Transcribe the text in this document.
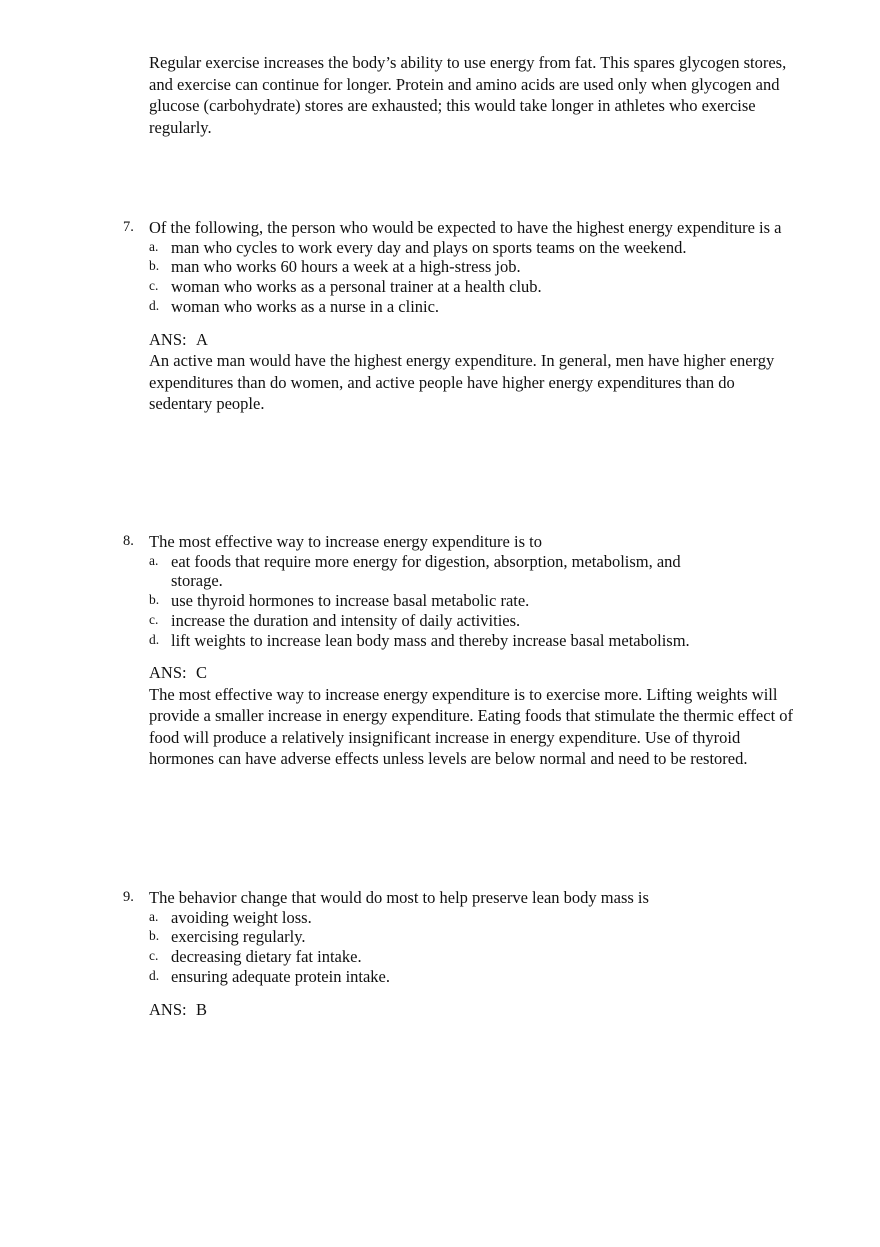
Regular exercise increases the body’s ability to use energy from fat. This spares glycogen stores, and exercise can continue for longer. Protein and amino acids are used only when glycogen and glucose (carbohydrate) stores are exhausted; this would take longer in athletes who exercise regularly.

7. Of the following, the person who would be expected to have the highest energy expenditure is a
a. man who cycles to work every day and plays on sports teams on the weekend.
b. man who works 60 hours a week at a high-stress job.
c. woman who works as a personal trainer at a health club.
d. woman who works as a nurse in a clinic.
ANS: A
An active man would have the highest energy expenditure. In general, men have higher energy expenditures than do women, and active people have higher energy expenditures than do sedentary people.
8. The most effective way to increase energy expenditure is to
a. eat foods that require more energy for digestion, absorption, metabolism, and storage.
b. use thyroid hormones to increase basal metabolic rate.
c. increase the duration and intensity of daily activities.
d. lift weights to increase lean body mass and thereby increase basal metabolism.
ANS: C
The most effective way to increase energy expenditure is to exercise more. Lifting weights will provide a smaller increase in energy expenditure. Eating foods that stimulate the thermic effect of food will produce a relatively insignificant increase in energy expenditure. Use of thyroid hormones can have adverse effects unless levels are below normal and need to be restored.
9. The behavior change that would do most to help preserve lean body mass is
a. avoiding weight loss.
b. exercising regularly.
c. decreasing dietary fat intake.
d. ensuring adequate protein intake.
ANS: B
